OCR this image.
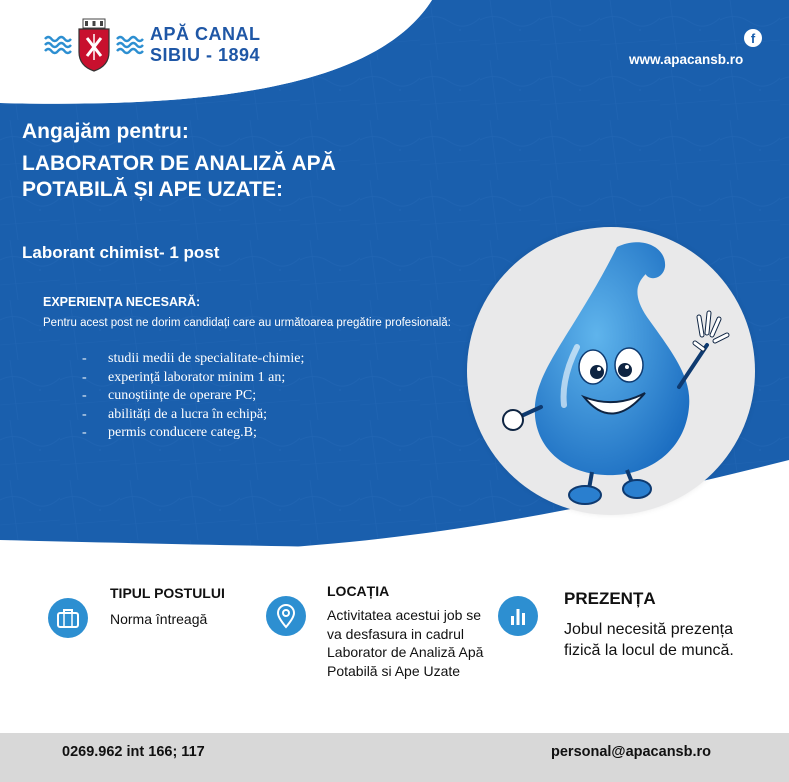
APĂ CANAL
SIBIU - 1894
f
www.apacansb.ro
Angajăm pentru:
LABORATOR DE ANALIZĂ APĂ POTABILĂ ȘI APE UZATE:
Laborant chimist- 1 post
EXPERIENȚA NECESARĂ:
Pentru acest post ne dorim candidați care au următoarea pregătire profesională:
- studii medii de specialitate-chimie;
- experință laborator minim 1 an;
- cunoștiințe de operare PC;
- abilități de a lucra în echipă;
- permis conducere categ.B;
TIPUL POSTULUI
Norma întreagă
LOCAȚIA
Activitatea acestui job se va desfasura in cadrul Laborator de Analiză Apă Potabilă si Ape Uzate
PREZENȚA
Jobul necesită prezența fizică la locul de muncă.
0269.962 int 166; 117	personal@apacansb.ro
